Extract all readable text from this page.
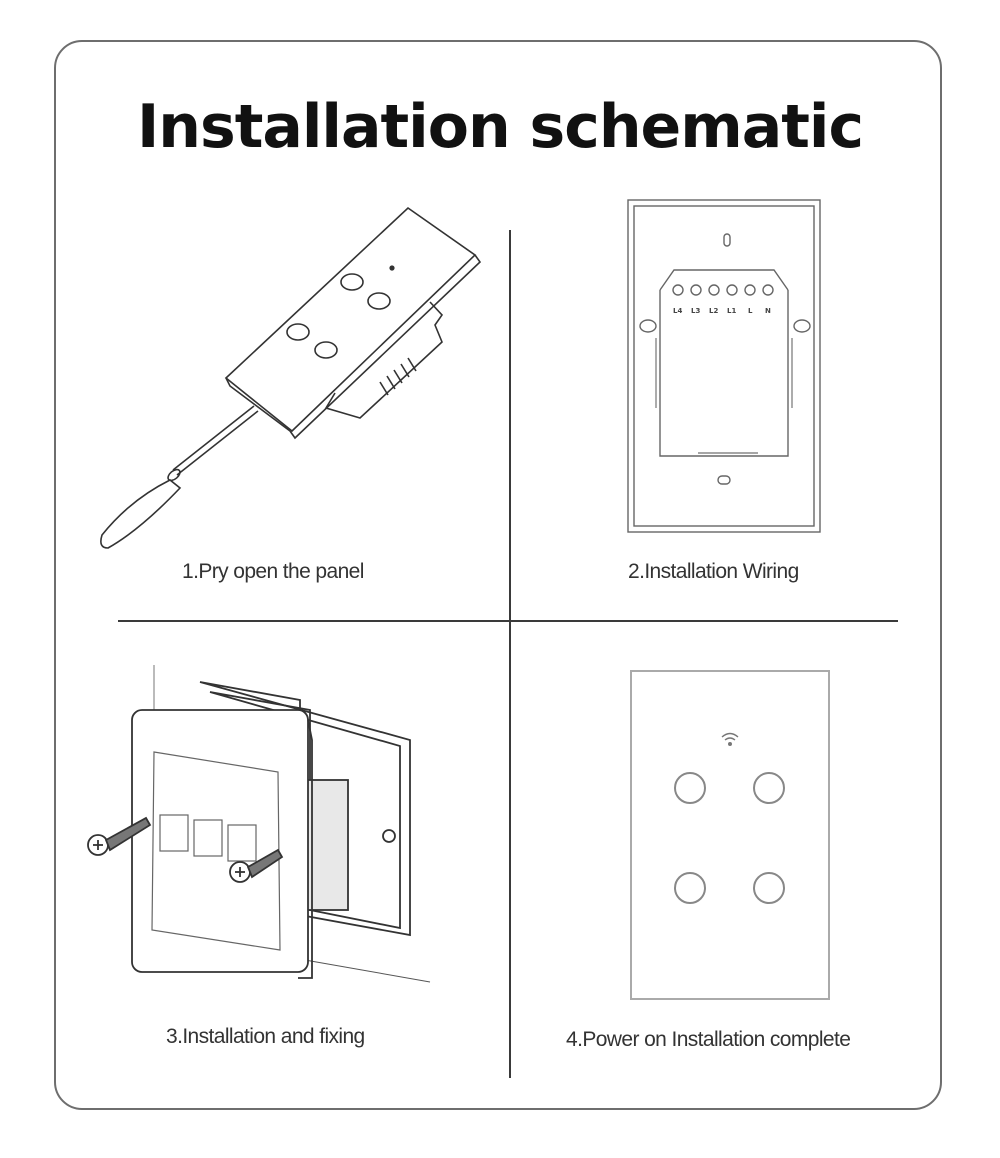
Installation schematic
1.Pry open the panel
L4 L3 L2 L1 L N
2.Installation Wiring
3.Installation and fixing	4.Power on Installation complete
